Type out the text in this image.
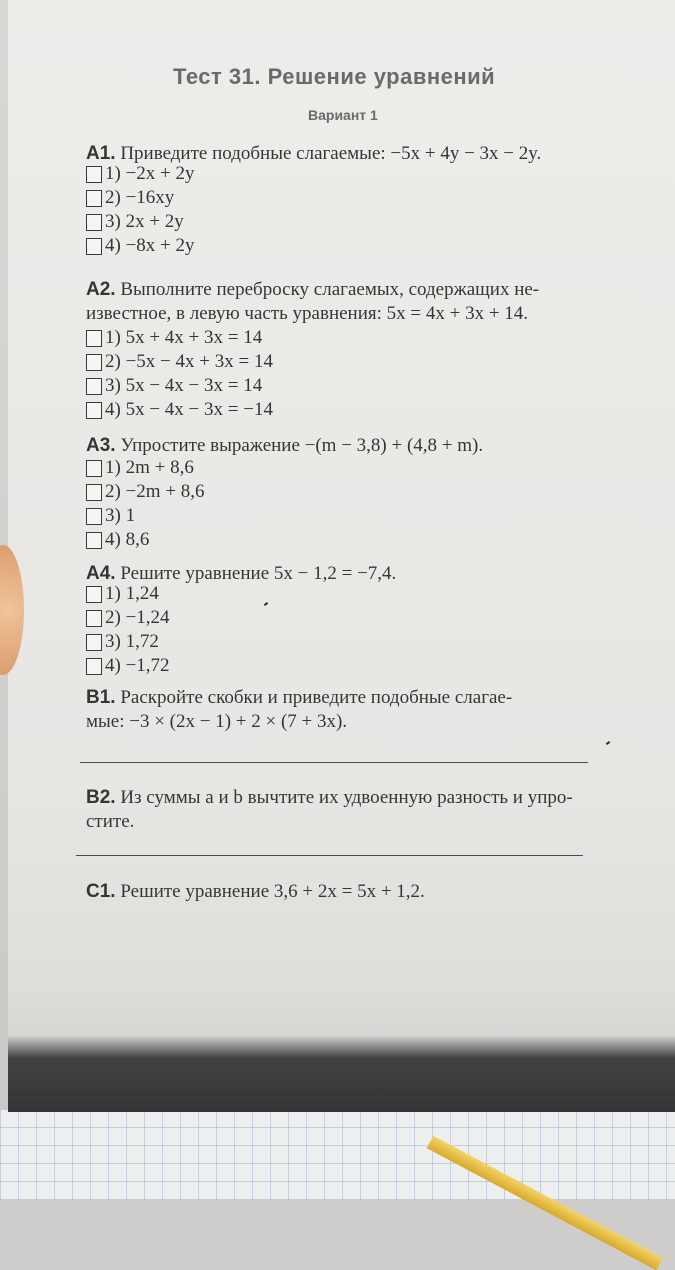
Тест 31. Решение уравнений
Вариант 1

А1. Приведите подобные слагаемые: −5x + 4y − 3x − 2y.

1) −2x + 2y
2) −16xy
3) 2x + 2y
4) −8x + 2y

А2. Выполните переброску слагаемых, содержащих не-
известное, в левую часть уравнения: 5x = 4x + 3x + 14.

1) 5x + 4x + 3x = 14
2) −5x − 4x + 3x = 14
3) 5x − 4x − 3x = 14
4) 5x − 4x − 3x = −14

А3. Упростите выражение −(m − 3,8) + (4,8 + m).

1) 2m + 8,6
2) −2m + 8,6
3) 1
4) 8,6

А4. Решите уравнение 5x − 1,2 = −7,4.

1) 1,24
2) −1,24
3) 1,72
4) −1,72

В1. Раскройте скобки и приведите подобные слагае-
мые: −3 × (2x − 1) + 2 × (7 + 3x).

В2. Из суммы a и b вычтите их удвоенную разность и упро-
стите.

С1. Решите уравнение 3,6 + 2x = 5x + 1,2.
